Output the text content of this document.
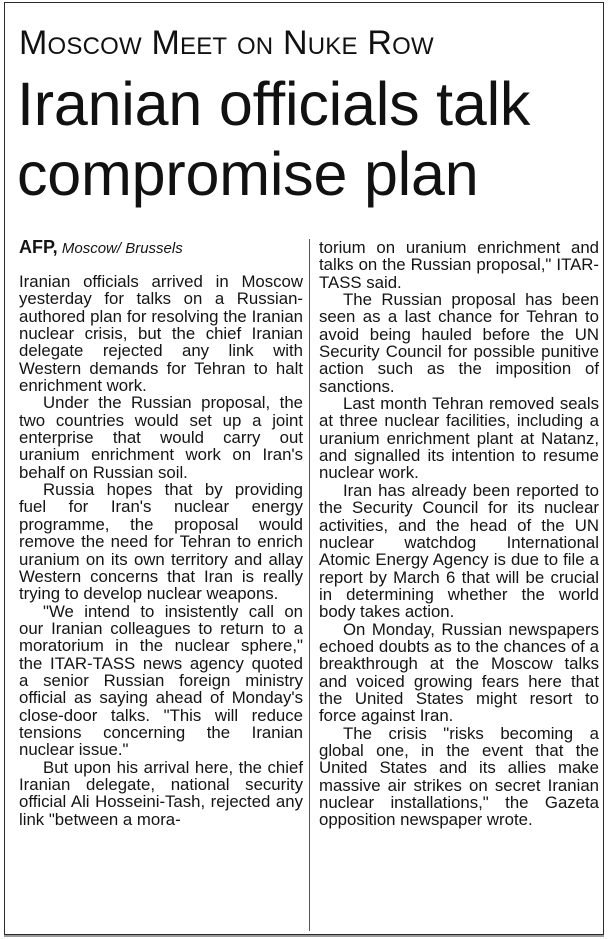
Moscow Meet on Nuke Row
Iranian officials talk
compromise plan
AFP, Moscow/ Brussels

Iranian officials arrived in Moscow yesterday for talks on a Russian-authored plan for resolving the Iranian nuclear crisis, but the chief Iranian delegate rejected any link with Western demands for Tehran to halt enrichment work.

Under the Russian proposal, the two countries would set up a joint enterprise that would carry out uranium enrichment work on Iran's behalf on Russian soil.

Russia hopes that by providing fuel for Iran's nuclear energy programme, the proposal would remove the need for Tehran to enrich uranium on its own territory and allay Western concerns that Iran is really trying to develop nuclear weapons.

"We intend to insistently call on our Iranian colleagues to return to a moratorium in the nuclear sphere," the ITAR-TASS news agency quoted a senior Russian foreign ministry official as saying ahead of Monday's close-door talks. "This will reduce tensions concerning the Iranian nuclear issue."

But upon his arrival here, the chief Iranian delegate, national security official Ali Hosseini-Tash, rejected any link "between a mora-

torium on uranium enrichment and talks on the Russian proposal," ITAR-TASS said.

The Russian proposal has been seen as a last chance for Tehran to avoid being hauled before the UN Security Council for possible punitive action such as the imposition of sanctions.

Last month Tehran removed seals at three nuclear facilities, including a uranium enrichment plant at Natanz, and signalled its intention to resume nuclear work.

Iran has already been reported to the Security Council for its nuclear activities, and the head of the UN nuclear watchdog International Atomic Energy Agency is due to file a report by March 6 that will be crucial in determining whether the world body takes action.

On Monday, Russian newspapers echoed doubts as to the chances of a breakthrough at the Moscow talks and voiced growing fears here that the United States might resort to force against Iran.

The crisis "risks becoming a global one, in the event that the United States and its allies make massive air strikes on secret Iranian nuclear installations," the Gazeta opposition newspaper wrote.
